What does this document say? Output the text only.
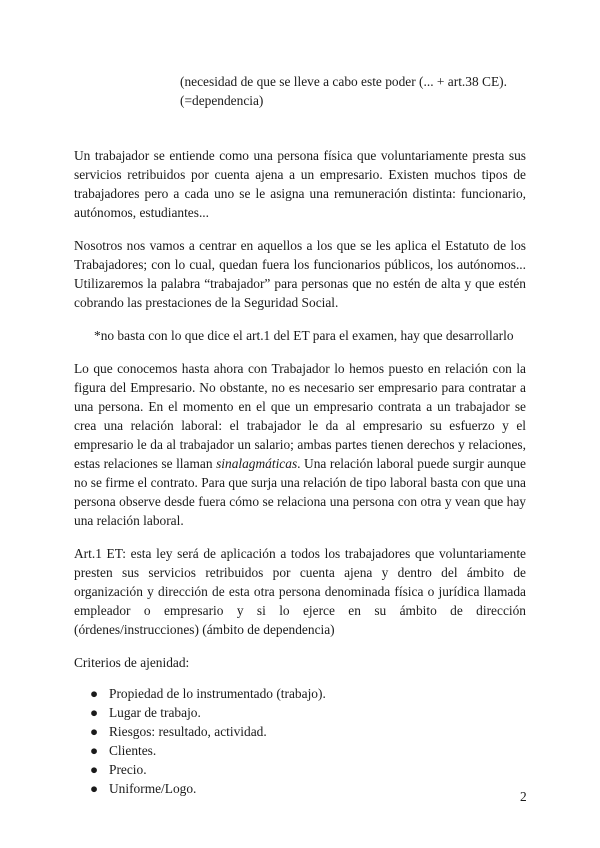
(necesidad de que se lleve a cabo este poder (... + art.38 CE).
(=dependencia)

Un trabajador se entiende como una persona física que voluntariamente presta sus servicios retribuidos por cuenta ajena a un empresario. Existen muchos tipos de trabajadores pero a cada uno se le asigna una remuneración distinta: funcionario, autónomos, estudiantes...

Nosotros nos vamos a centrar en aquellos a los que se les aplica el Estatuto de los Trabajadores; con lo cual, quedan fuera los funcionarios públicos, los autónomos... Utilizaremos la palabra “trabajador” para personas que no estén de alta y que estén cobrando las prestaciones de la Seguridad Social.

*no basta con lo que dice el art.1 del ET para el examen, hay que desarrollarlo

Lo que conocemos hasta ahora con Trabajador lo hemos puesto en relación con la figura del Empresario. No obstante, no es necesario ser empresario para contratar a una persona. En el momento en el que un empresario contrata a un trabajador se crea una relación laboral: el trabajador le da al empresario su esfuerzo y el empresario le da al trabajador un salario; ambas partes tienen derechos y relaciones, estas relaciones se llaman sinalagmáticas. Una relación laboral puede surgir aunque no se firme el contrato. Para que surja una relación de tipo laboral basta con que una persona observe desde fuera cómo se relaciona una persona con otra y vean que hay una relación laboral.

Art.1 ET: esta ley será de aplicación a todos los trabajadores que voluntariamente presten sus servicios retribuidos por cuenta ajena y dentro del ámbito de organización y dirección de esta otra persona denominada física o jurídica llamada empleador o empresario y si lo ejerce en su ámbito de dirección (órdenes/instrucciones) (ámbito de dependencia)

Criterios de ajenidad:

● Propiedad de lo instrumentado (trabajo).
● Lugar de trabajo.
● Riesgos: resultado, actividad.
● Clientes.
● Precio.
● Uniforme/Logo.
2
